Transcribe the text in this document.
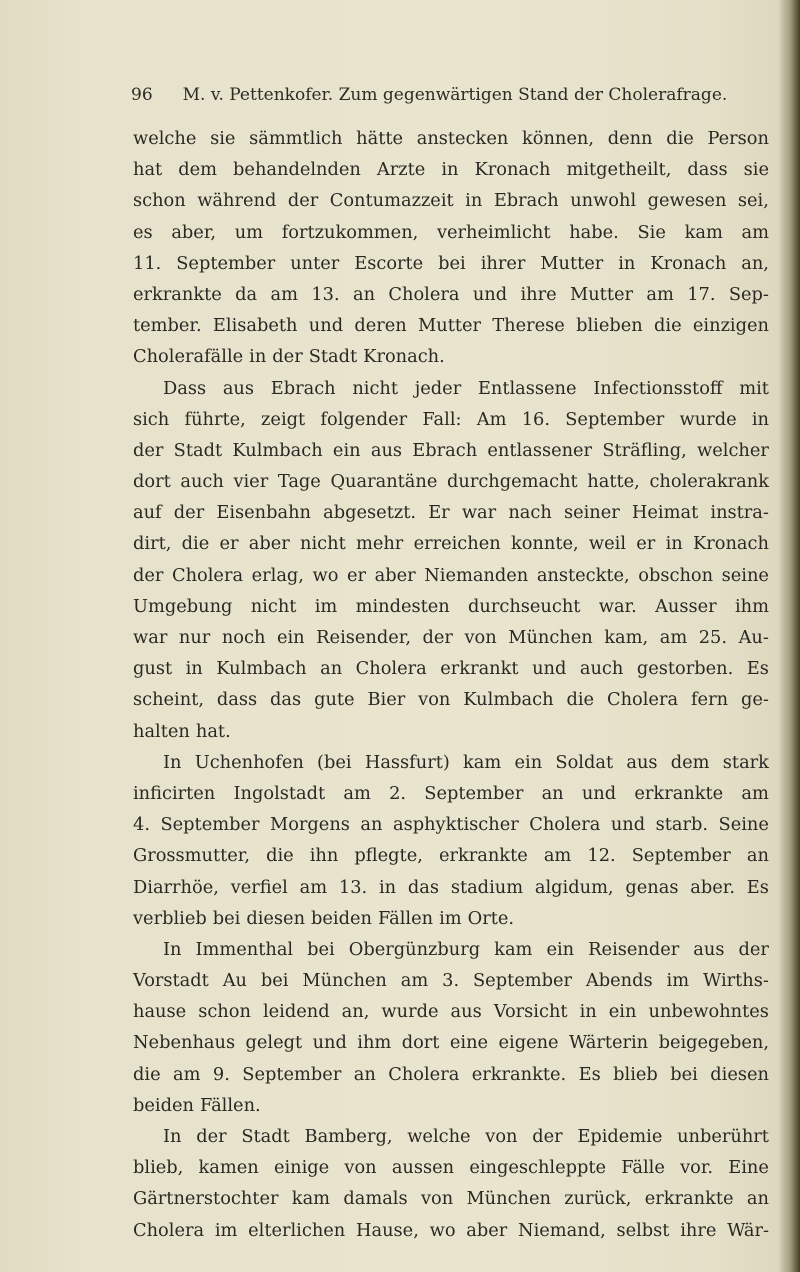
96 M. v. Pettenkofer. Zum gegenwärtigen Stand der Cholerafrage.
welche sie sämmtlich hätte anstecken können, denn die Person
hat dem behandelnden Arzte in Kronach mitgetheilt, dass sie
schon während der Contumazzeit in Ebrach unwohl gewesen sei,
es aber, um fortzukommen, verheimlicht habe. Sie kam am
11. September unter Escorte bei ihrer Mutter in Kronach an,
erkrankte da am 13. an Cholera und ihre Mutter am 17. Sep-
tember. Elisabeth und deren Mutter Therese blieben die einzigen
Cholerafälle in der Stadt Kronach.
Dass aus Ebrach nicht jeder Entlassene Infectionsstoff mit
sich führte, zeigt folgender Fall: Am 16. September wurde in
der Stadt Kulmbach ein aus Ebrach entlassener Sträfling, welcher
dort auch vier Tage Quarantäne durchgemacht hatte, cholerakrank
auf der Eisenbahn abgesetzt. Er war nach seiner Heimat instra-
dirt, die er aber nicht mehr erreichen konnte, weil er in Kronach
der Cholera erlag, wo er aber Niemanden ansteckte, obschon seine
Umgebung nicht im mindesten durchseucht war. Ausser ihm
war nur noch ein Reisender, der von München kam, am 25. Au-
gust in Kulmbach an Cholera erkrankt und auch gestorben. Es
scheint, dass das gute Bier von Kulmbach die Cholera fern ge-
halten hat.
In Uchenhofen (bei Hassfurt) kam ein Soldat aus dem stark
inficirten Ingolstadt am 2. September an und erkrankte am
4. September Morgens an asphyktischer Cholera und starb. Seine
Grossmutter, die ihn pflegte, erkrankte am 12. September an
Diarrhöe, verfiel am 13. in das stadium algidum, genas aber. Es
verblieb bei diesen beiden Fällen im Orte.
In Immenthal bei Obergünzburg kam ein Reisender aus der
Vorstadt Au bei München am 3. September Abends im Wirths-
hause schon leidend an, wurde aus Vorsicht in ein unbewohntes
Nebenhaus gelegt und ihm dort eine eigene Wärterin beigegeben,
die am 9. September an Cholera erkrankte. Es blieb bei diesen
beiden Fällen.
In der Stadt Bamberg, welche von der Epidemie unberührt
blieb, kamen einige von aussen eingeschleppte Fälle vor. Eine
Gärtnerstochter kam damals von München zurück, erkrankte an
Cholera im elterlichen Hause, wo aber Niemand, selbst ihre Wär-
